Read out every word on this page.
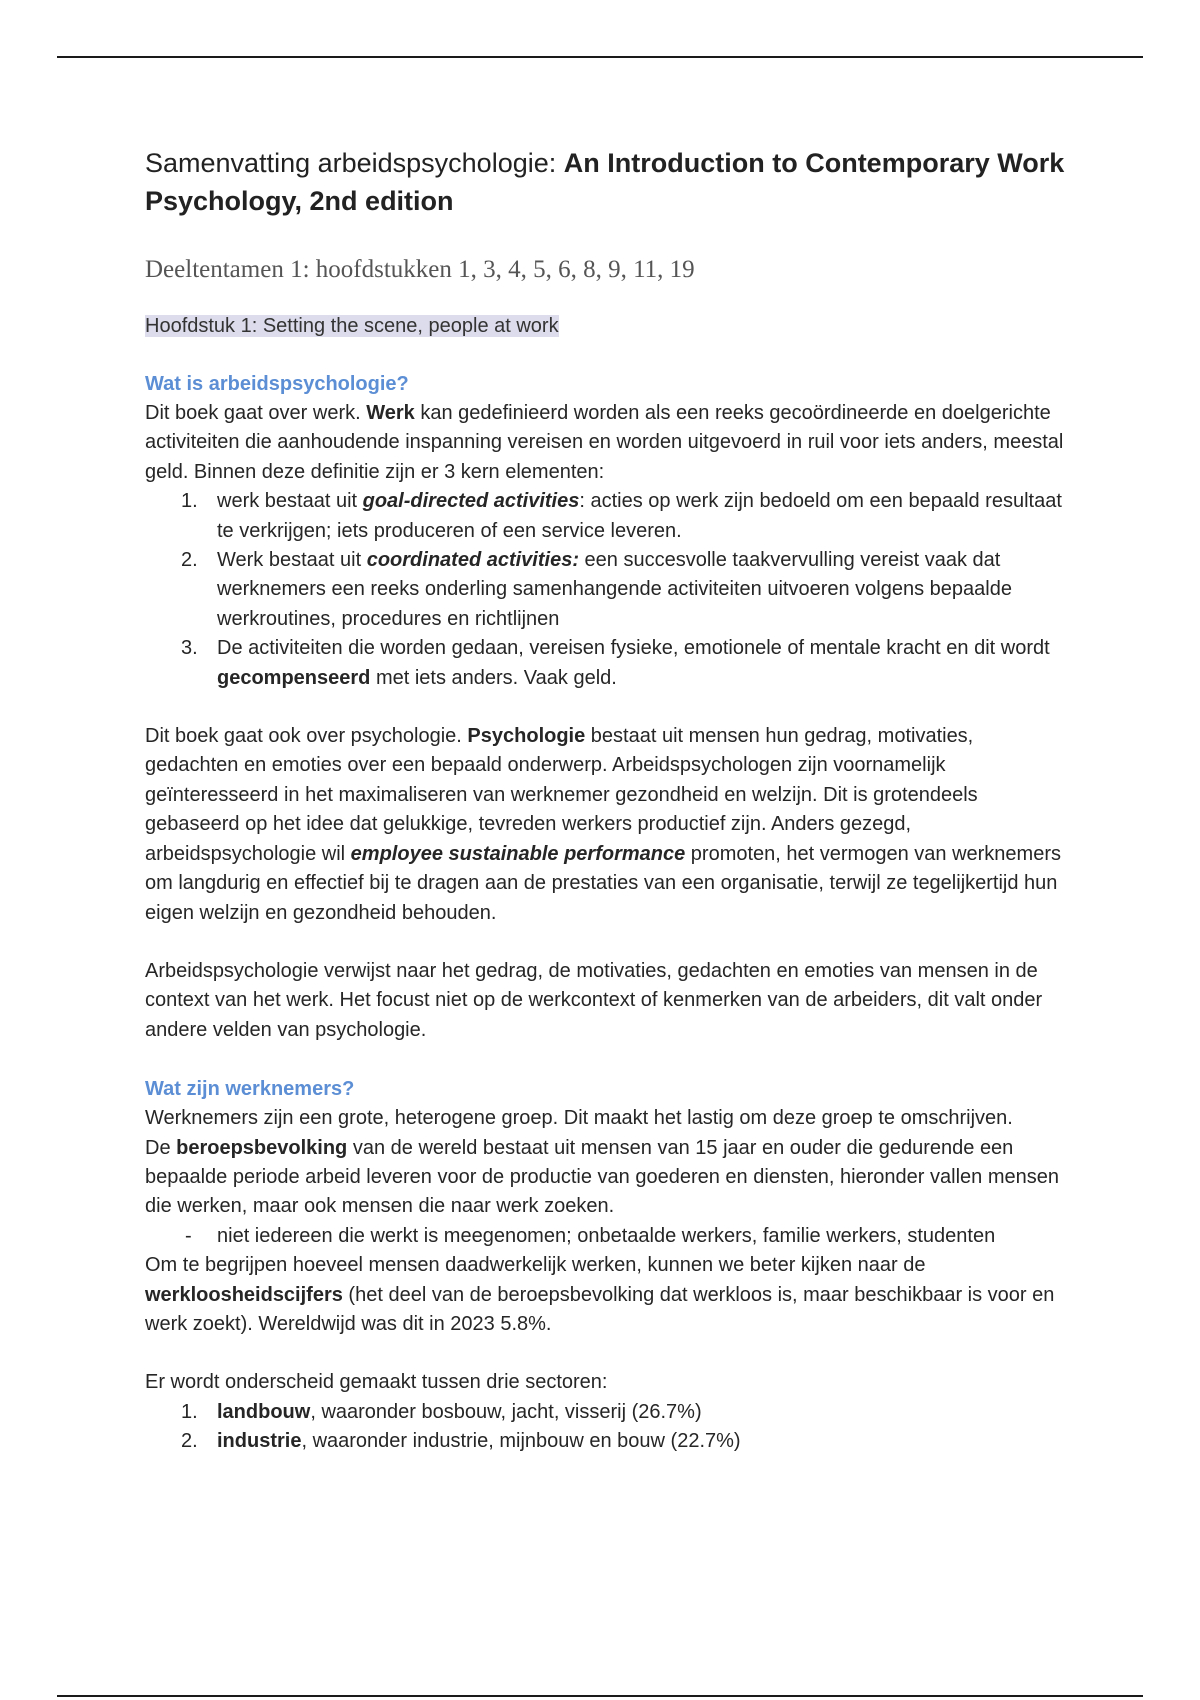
Samenvatting arbeidspsychologie: An Introduction to Contemporary Work Psychology, 2nd edition
Deeltentamen 1: hoofdstukken 1, 3, 4, 5, 6, 8, 9, 11, 19
Hoofdstuk 1: Setting the scene, people at work
Wat is arbeidspsychologie?

Dit boek gaat over werk. Werk kan gedefinieerd worden als een reeks gecoördineerde en doelgerichte activiteiten die aanhoudende inspanning vereisen en worden uitgevoerd in ruil voor iets anders, meestal geld. Binnen deze definitie zijn er 3 kern elementen:

1. werk bestaat uit goal-directed activities: acties op werk zijn bedoeld om een bepaald resultaat te verkrijgen; iets produceren of een service leveren.
2. Werk bestaat uit coordinated activities: een succesvolle taakvervulling vereist vaak dat werknemers een reeks onderling samenhangende activiteiten uitvoeren volgens bepaalde werkroutines, procedures en richtlijnen
3. De activiteiten die worden gedaan, vereisen fysieke, emotionele of mentale kracht en dit wordt gecompenseerd met iets anders. Vaak geld.

Dit boek gaat ook over psychologie. Psychologie bestaat uit mensen hun gedrag, motivaties, gedachten en emoties over een bepaald onderwerp. Arbeidspsychologen zijn voornamelijk geïnteresseerd in het maximaliseren van werknemer gezondheid en welzijn. Dit is grotendeels gebaseerd op het idee dat gelukkige, tevreden werkers productief zijn. Anders gezegd, arbeidspsychologie wil employee sustainable performance promoten, het vermogen van werknemers om langdurig en effectief bij te dragen aan de prestaties van een organisatie, terwijl ze tegelijkertijd hun eigen welzijn en gezondheid behouden.

Arbeidspsychologie verwijst naar het gedrag, de motivaties, gedachten en emoties van mensen in de context van het werk. Het focust niet op de werkcontext of kenmerken van de arbeiders, dit valt onder andere velden van psychologie.

Wat zijn werknemers?

Werknemers zijn een grote, heterogene groep. Dit maakt het lastig om deze groep te omschrijven.

De beroepsbevolking van de wereld bestaat uit mensen van 15 jaar en ouder die gedurende een bepaalde periode arbeid leveren voor de productie van goederen en diensten, hieronder vallen mensen die werken, maar ook mensen die naar werk zoeken.

- niet iedereen die werkt is meegenomen; onbetaalde werkers, familie werkers, studenten

Om te begrijpen hoeveel mensen daadwerkelijk werken, kunnen we beter kijken naar de werkloosheidscijfers (het deel van de beroepsbevolking dat werkloos is, maar beschikbaar is voor en werk zoekt). Wereldwijd was dit in 2023 5.8%.

Er wordt onderscheid gemaakt tussen drie sectoren:

1. landbouw, waaronder bosbouw, jacht, visserij (26.7%)
2. industrie, waaronder industrie, mijnbouw en bouw (22.7%)
